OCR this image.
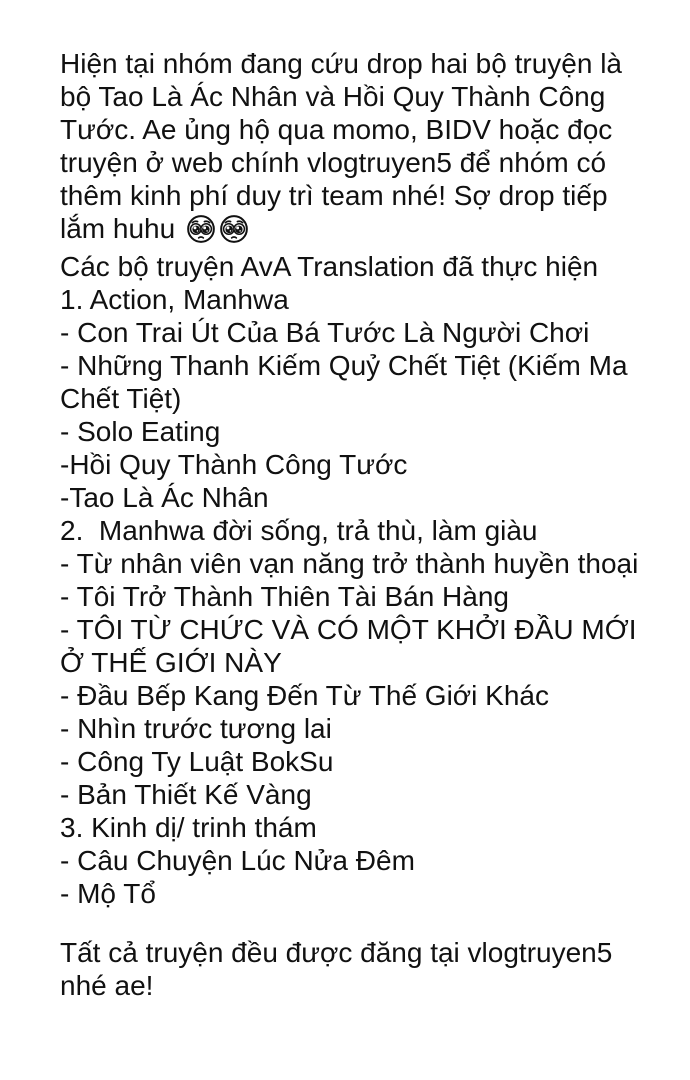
Hiện tại nhóm đang cứu drop hai bộ truyện là
bộ Tao Là Ác Nhân và Hồi Quy Thành Công
Tước. Ae ủng hộ qua momo, BIDV hoặc đọc
truyện ở web chính vlogtruyen5 để nhóm có
thêm kinh phí duy trì team nhé! Sợ drop tiếp
lắm huhu
Các bộ truyện AvA Translation đã thực hiện
1. Action, Manhwa
- Con Trai Út Của Bá Tước Là Người Chơi
- Những Thanh Kiếm Quỷ Chết Tiệt (Kiếm Ma
Chết Tiệt)
- Solo Eating
-Hồi Quy Thành Công Tước
-Tao Là Ác Nhân
2.  Manhwa đời sống, trả thù, làm giàu
- Từ nhân viên vạn năng trở thành huyền thoại
- Tôi Trở Thành Thiên Tài Bán Hàng
- TÔI TỪ CHỨC VÀ CÓ MỘT KHỞI ĐẦU MỚI
Ở THẾ GIỚI NÀY
- Đầu Bếp Kang Đến Từ Thế Giới Khác
- Nhìn trước tương lai
- Công Ty Luật BokSu
- Bản Thiết Kế Vàng
3. Kinh dị/ trinh thám
- Câu Chuyện Lúc Nửa Đêm
- Mộ Tổ
Tất cả truyện đều được đăng tại vlogtruyen5
nhé ae!
